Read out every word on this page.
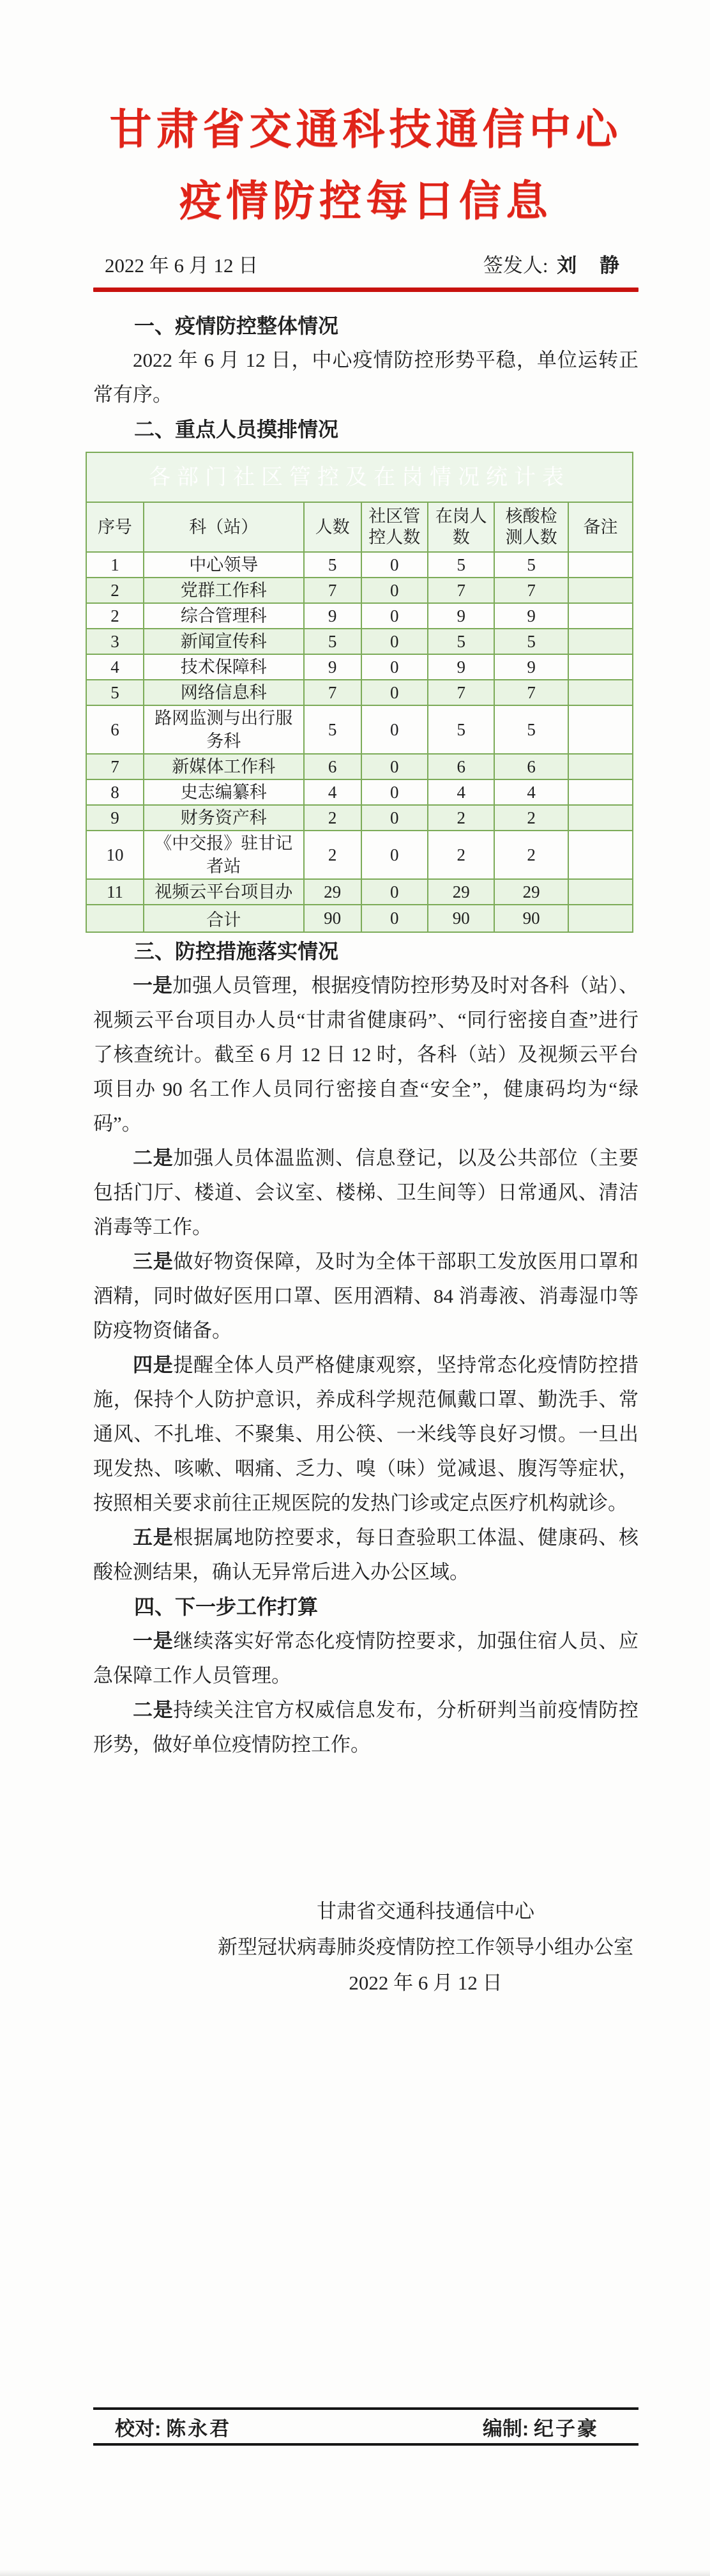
甘肃省交通科技通信中心
疫情防控每日信息
2022 年 6 月 12 日	签发人: 刘 静
一、疫情防控整体情况

2022 年 6 月 12 日，中心疫情防控形势平稳，单位运转正常有序。

二、重点人员摸排情况
各部门社区管控及在岗情况统计表						
序号	科（站）	人数	社区管控人数	在岗人数	核酸检测人数	备注
1	中心领导	5	0	5	5	
2	党群工作科	7	0	7	7	
2	综合管理科	9	0	9	9	
3	新闻宣传科	5	0	5	5	
4	技术保障科	9	0	9	9	
5	网络信息科	7	0	7	7	
6	路网监测与出行服务科	5	0	5	5	
7	新媒体工作科	6	0	6	6	
8	史志编纂科	4	0	4	4	
9	财务资产科	2	0	2	2	
10	《中交报》驻甘记者站	2	0	2	2	
11	视频云平台项目办	29	0	29	29	
	合计	90	0	90	90	
三、防控措施落实情况

一是加强人员管理，根据疫情防控形势及时对各科（站）、视频云平台项目办人员“甘肃省健康码”、“同行密接自查”进行了核查统计。截至 6 月 12 日 12 时，各科（站）及视频云平台项目办 90 名工作人员同行密接自查“安全”，健康码均为“绿码”。

二是加强人员体温监测、信息登记，以及公共部位（主要包括门厅、楼道、会议室、楼梯、卫生间等）日常通风、清洁消毒等工作。

三是做好物资保障，及时为全体干部职工发放医用口罩和酒精，同时做好医用口罩、医用酒精、84 消毒液、消毒湿巾等防疫物资储备。

四是提醒全体人员严格健康观察，坚持常态化疫情防控措施，保持个人防护意识，养成科学规范佩戴口罩、勤洗手、常通风、不扎堆、不聚集、用公筷、一米线等良好习惯。一旦出现发热、咳嗽、咽痛、乏力、嗅（味）觉减退、腹泻等症状，按照相关要求前往正规医院的发热门诊或定点医疗机构就诊。

五是根据属地防控要求，每日查验职工体温、健康码、核酸检测结果，确认无异常后进入办公区域。

四、下一步工作打算

一是继续落实好常态化疫情防控要求，加强住宿人员、应急保障工作人员管理。

二是持续关注官方权威信息发布，分析研判当前疫情防控形势，做好单位疫情防控工作。

甘肃省交通科技通信中心
新型冠状病毒肺炎疫情防控工作领导小组办公室
2022 年 6 月 12 日
校对: 陈永君	编制: 纪子豪
